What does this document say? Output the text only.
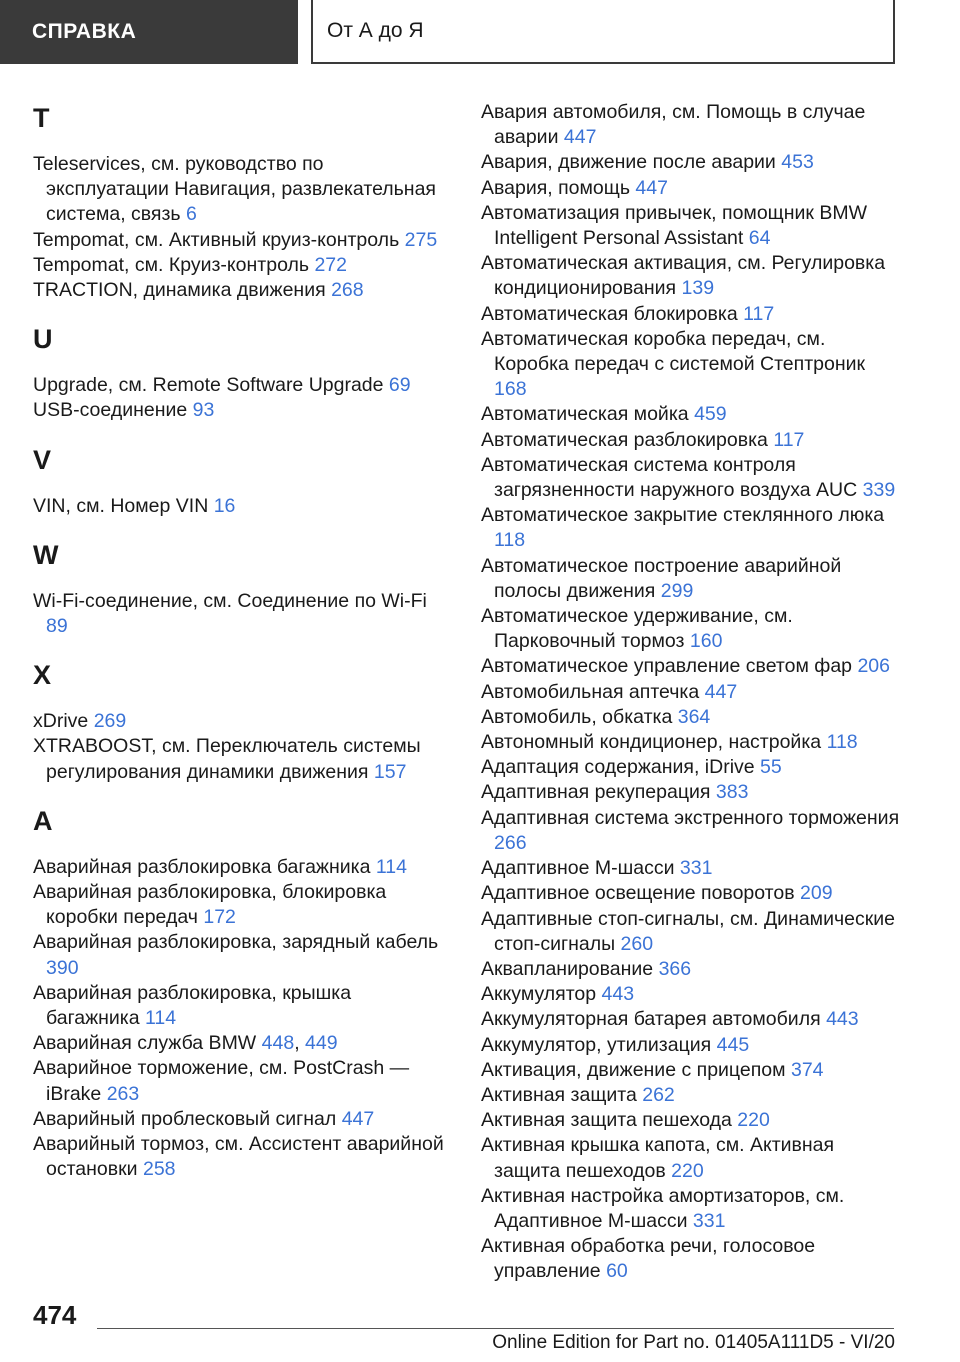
СПРАВКА	От А до Я
T
Teleservices, см. руководство по эксплуатации Навигация, развлекательная система, связь 6
Tempomat, см. Активный круиз-контроль 275
Tempomat, см. Круиз-контроль 272
TRACTION, динамика движения 268
U
Upgrade, см. Remote Software Upgrade 69
USB-соединение 93
V
VIN, см. Номер VIN 16
W
Wi-Fi-соединение, см. Соединение по Wi-Fi 89
X
xDrive 269
XTRABOOST, см. Переключатель системы регулирования динамики движения 157
А
Аварийная разблокировка багажника 114
Аварийная разблокировка, блокировка коробки передач 172
Аварийная разблокировка, зарядный кабель 390
Аварийная разблокировка, крышка багажника 114
Аварийная служба BMW 448, 449
Аварийное торможение, см. PostCrash — iBrake 263
Аварийный проблесковый сигнал 447
Аварийный тормоз, см. Ассистент аварийной остановки 258
Авария автомобиля, см. Помощь в случае аварии 447
Авария, движение после аварии 453
Авария, помощь 447
Автоматизация привычек, помощник BMW Intelligent Personal Assistant 64
Автоматическая активация, см. Регулировка кондиционирования 139
Автоматическая блокировка 117
Автоматическая коробка передач, см. Коробка передач с системой Стептроник 168
Автоматическая мойка 459
Автоматическая разблокировка 117
Автоматическая система контроля загрязненности наружного воздуха AUC 339
Автоматическое закрытие стеклянного люка 118
Автоматическое построение аварийной полосы движения 299
Автоматическое удерживание, см. Парковочный тормоз 160
Автоматическое управление светом фар 206
Автомобильная аптечка 447
Автомобиль, обкатка 364
Автономный кондиционер, настройка 118
Адаптация содержания, iDrive 55
Адаптивная рекуперация 383
Адаптивная система экстренного торможения 266
Адаптивное M-шасси 331
Адаптивное освещение поворотов 209
Адаптивные стоп-сигналы, см. Динамические стоп-сигналы 260
Аквапланирование 366
Аккумулятор 443
Аккумуляторная батарея автомобиля 443
Аккумулятор, утилизация 445
Активация, движение с прицепом 374
Активная защита 262
Активная защита пешехода 220
Активная крышка капота, см. Активная защита пешеходов 220
Активная настройка амортизаторов, см. Адаптивное M-шасси 331
Активная обработка речи, голосовое управление 60
474
Online Edition for Part no. 01405A111D5 - VI/20
